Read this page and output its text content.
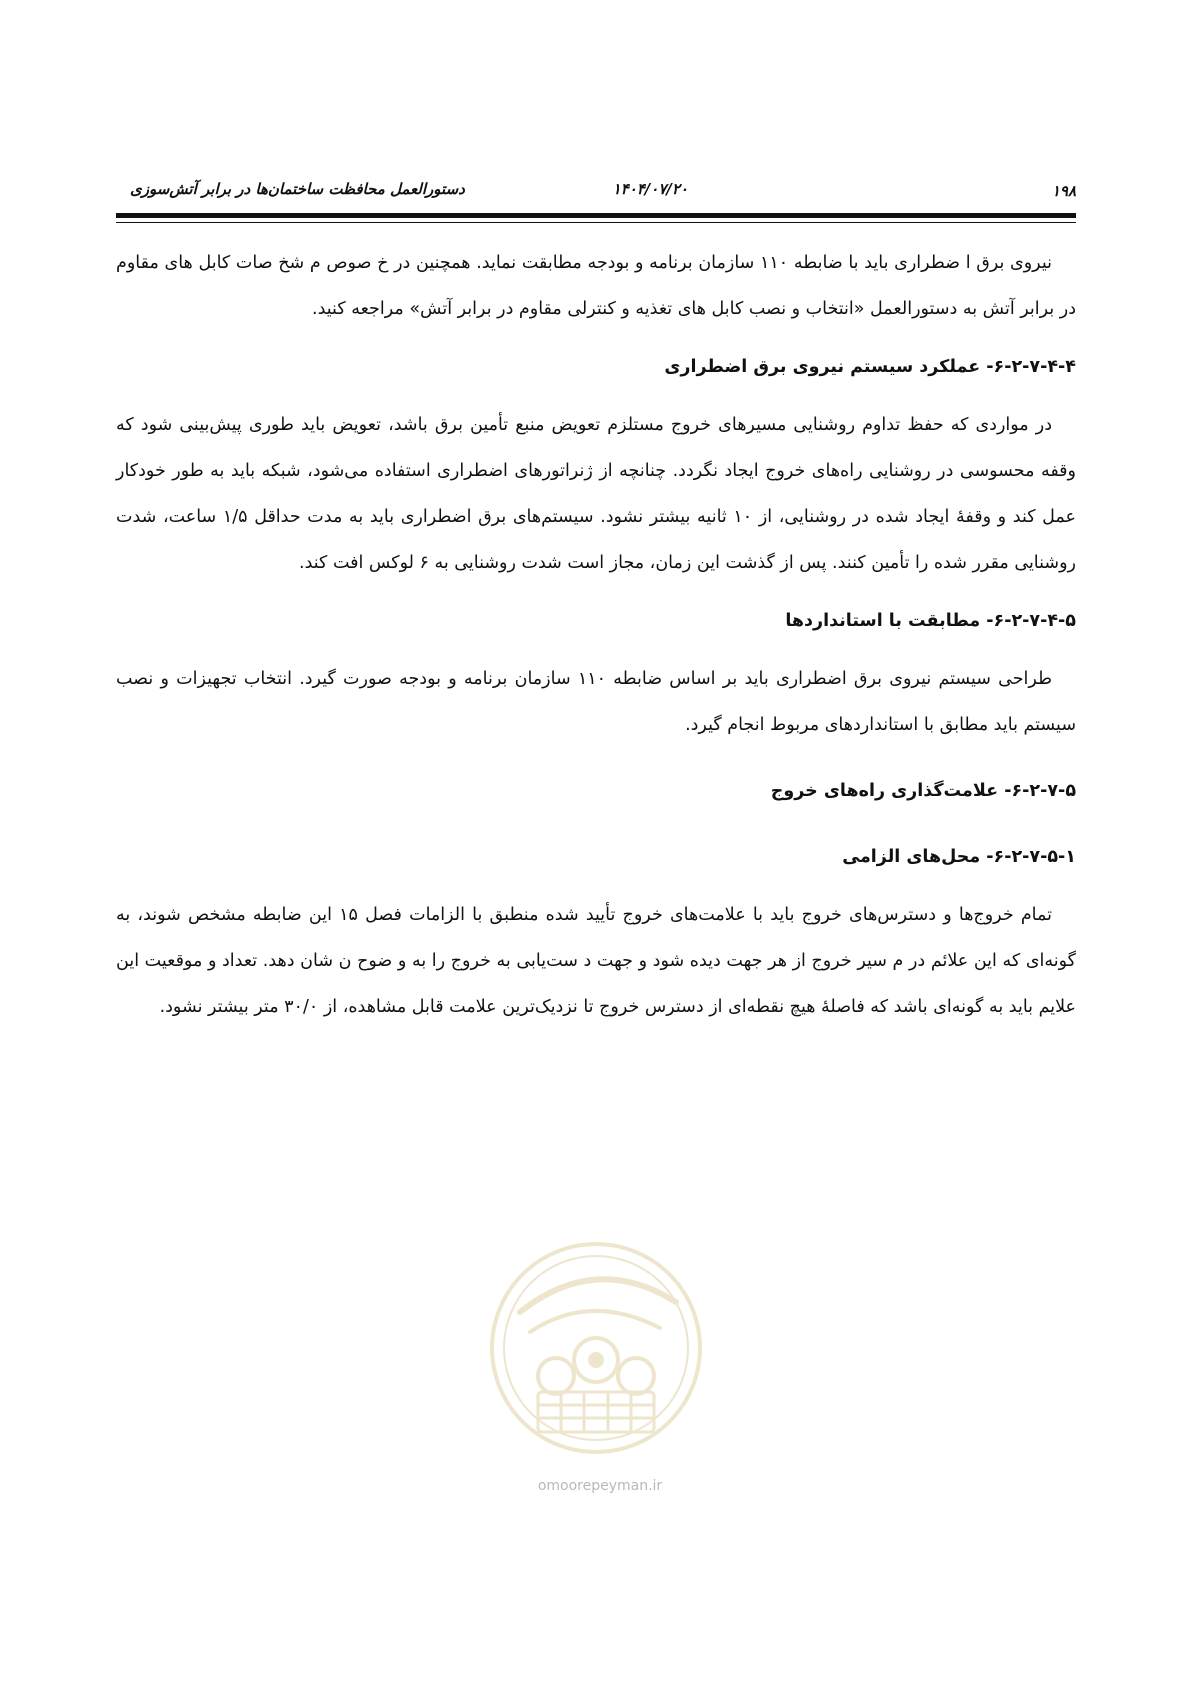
۱۹۸
۱۴۰۴/۰۷/۲۰
دستورالعمل محافظت ساختمان‌ها در برابر آتش‌سوزی

نیروی برق ا ضطراری باید با ضابطه ۱۱۰ سازمان برنامه و بودجه مطابقت نماید. همچنین در خ صوص م شخ صات کابل های مقاوم در برابر آتش به دستورالعمل «انتخاب و نصب کابل های تغذیه و کنترلی مقاوم در برابر آتش» مراجعه کنید.

۶-۲-۷-۴-۴- عملکرد سیستم نیروی برق اضطراری

در مواردی که حفظ تداوم روشنایی مسیرهای خروج مستلزم تعویض منبع تأمین برق باشد، تعویض باید طوری پیش‌بینی شود که وقفه محسوسی در روشنایی راه‌های خروج ایجاد نگردد. چنانچه از ژنراتورهای اضطراری استفاده می‌شود، شبکه باید به طور خودکار عمل کند و وقفهٔ ایجاد شده در روشنایی، از ۱۰ ثانیه بیشتر نشود. سیستم‌های برق اضطراری باید به مدت حداقل ۱/۵ ساعت، شدت روشنایی مقرر شده را تأمین کنند. پس از گذشت این زمان، مجاز است شدت روشنایی به ۶ لوکس افت کند.

۶-۲-۷-۴-۵- مطابقت با استانداردها

طراحی سیستم نیروی برق اضطراری باید بر اساس ضابطه ۱۱۰ سازمان برنامه و بودجه صورت گیرد. انتخاب تجهیزات و نصب سیستم باید مطابق با استانداردهای مربوط انجام گیرد.

۶-۲-۷-۵- علامت‌گذاری راه‌های خروج

۶-۲-۷-۵-۱- محل‌های الزامی

تمام خروج‌ها و دسترس‌های خروج باید با علامت‌های خروج تأیید شده منطبق با الزامات فصل ۱۵ این ضابطه مشخص شوند، به گونه‌ای که این علائم در م سیر خروج از هر جهت دیده شود و جهت د ست‌یابی به خروج را به و ضوح ن شان دهد. تعداد و موقعیت این علایم باید به گونه‌ای باشد که فاصلهٔ هیچ نقطه‌ای از دسترس خروج تا نزدیک‌ترین علامت قابل مشاهده، از ۳۰/۰ متر بیشتر نشود.

omoorepeyman.ir
